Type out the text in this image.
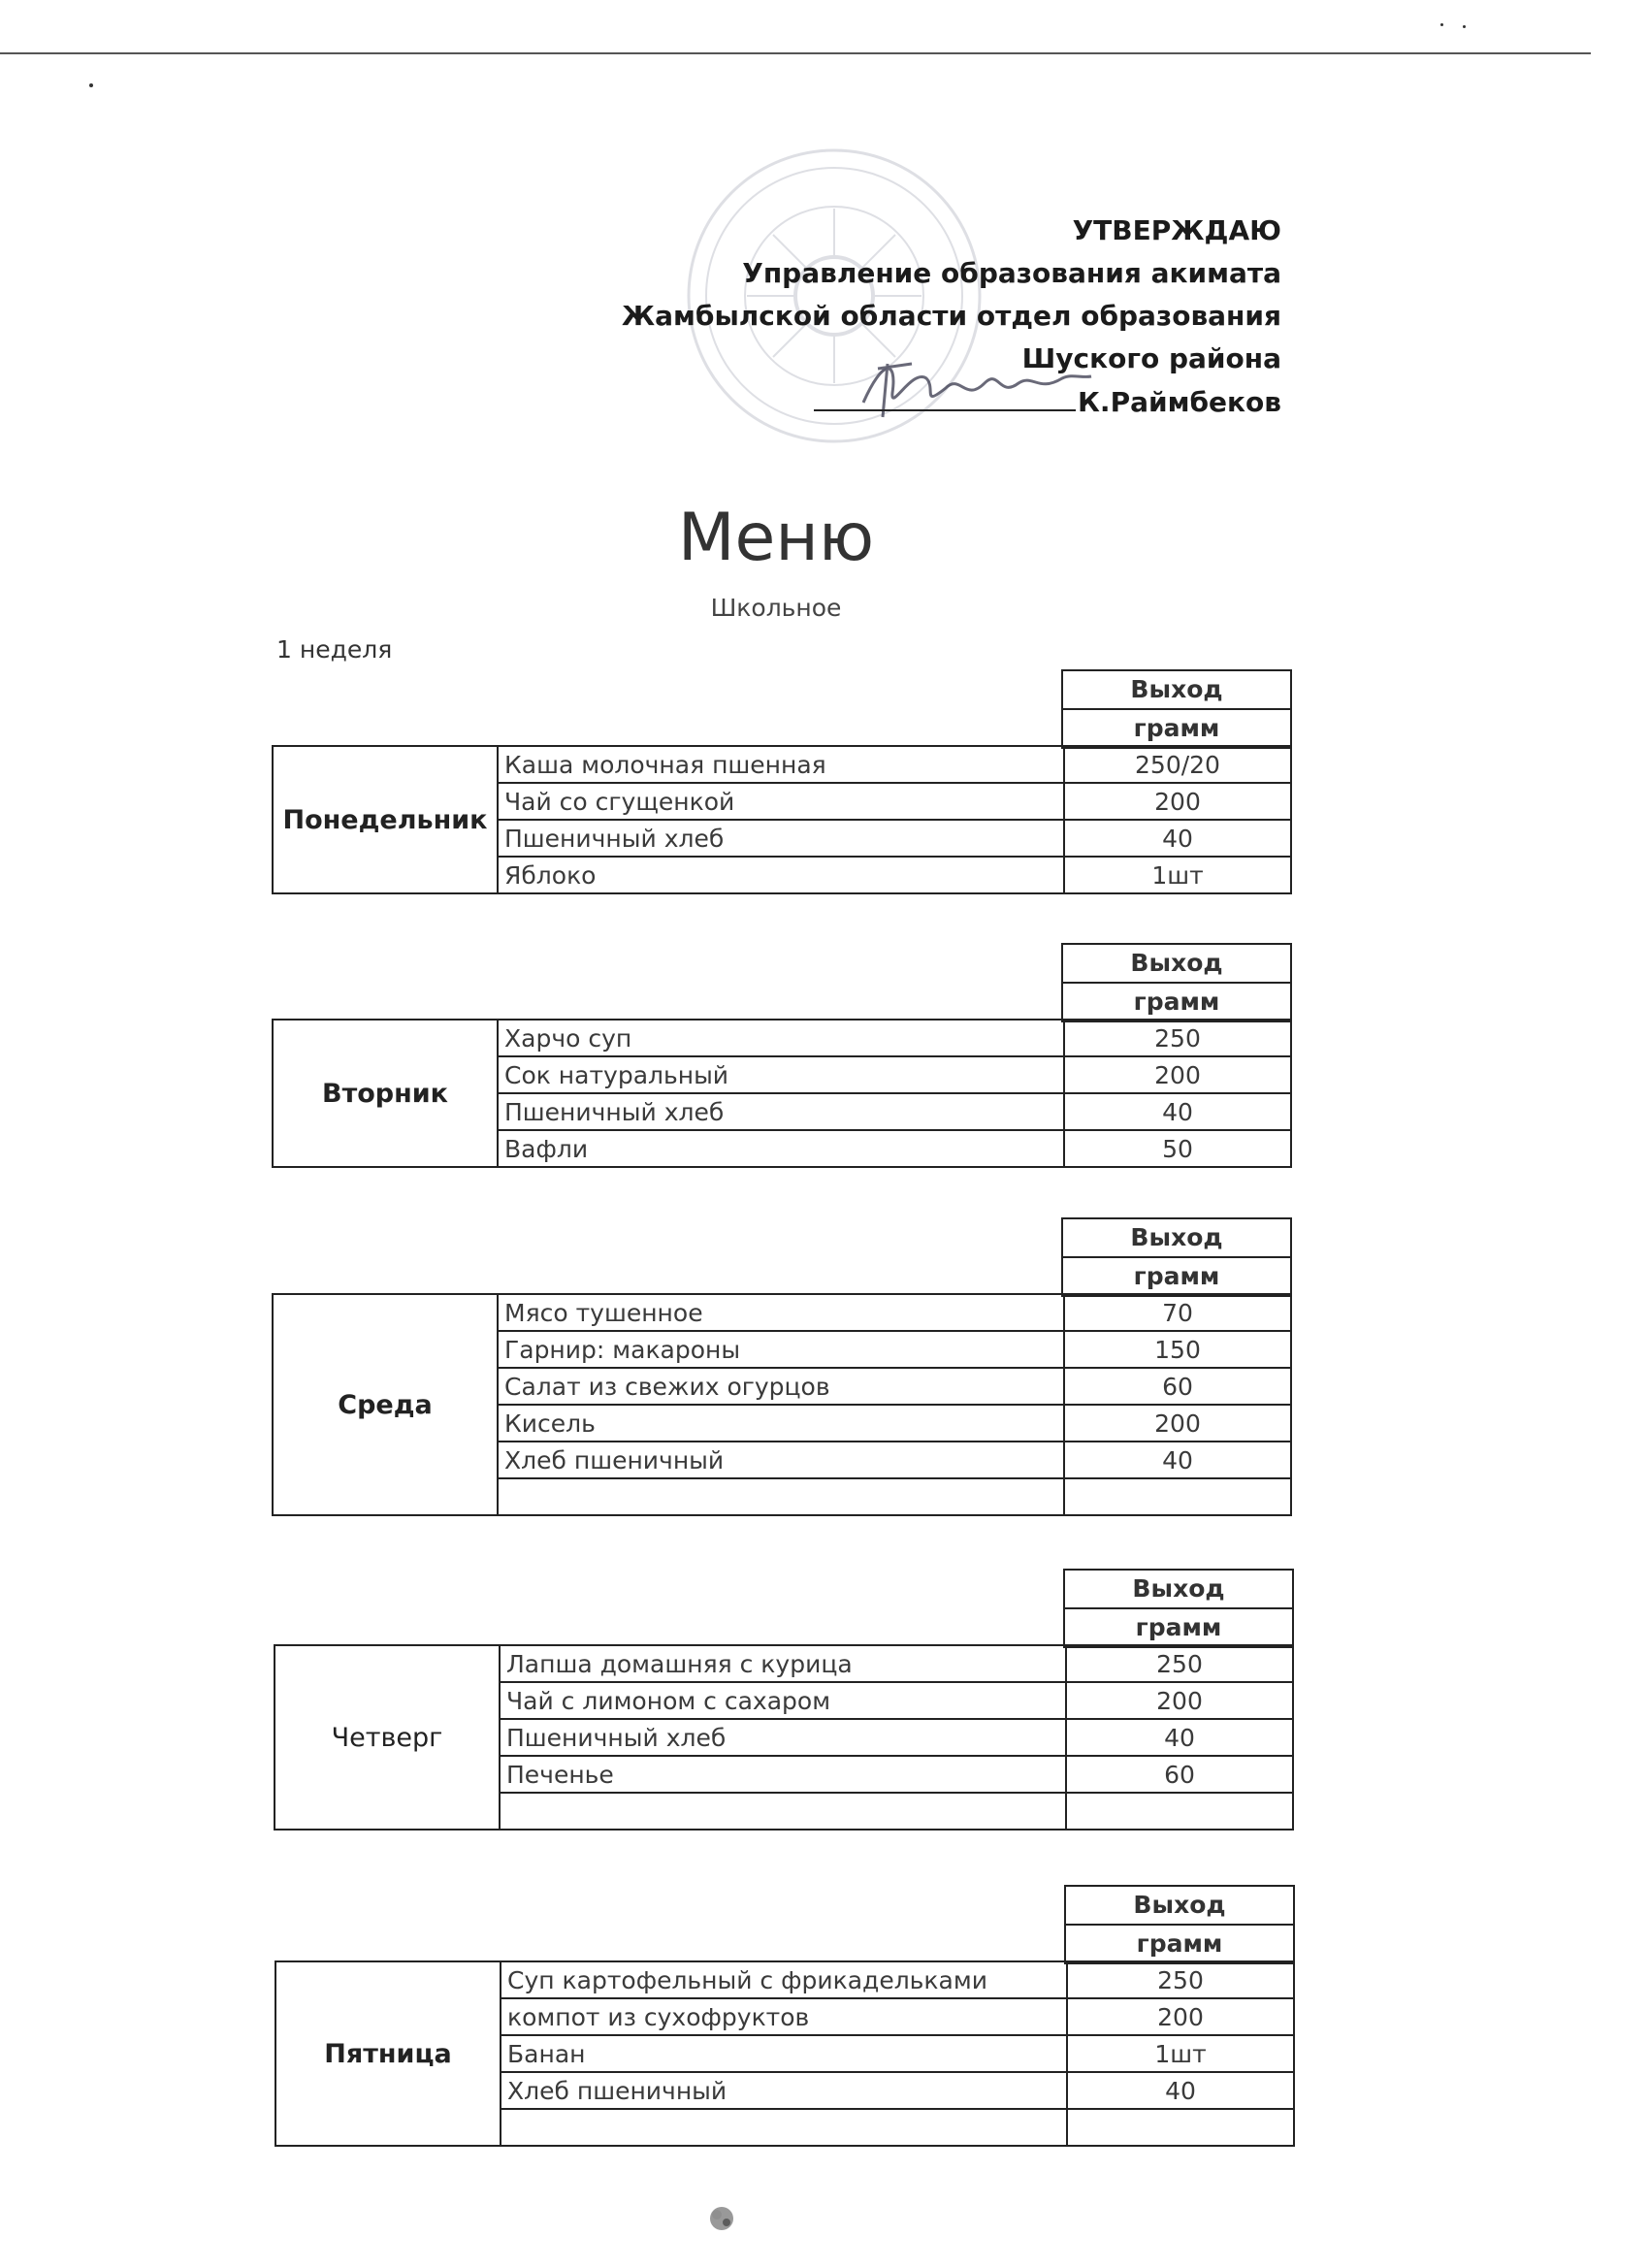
УТВЕРЖДАЮ
Управление образования акимата
Жамбылской области отдел образования
Шуского района
К.Раймбеков
Меню
Школьное
1 неделя
Выход
грамм
Понедельник	Каша молочная пшенная	250/20
	Чай со сгущенкой	200
	Пшеничный хлеб	40
	Яблоко	1шт
Выход
грамм
Вторник	Харчо суп	250
	Сок натуральный	200
	Пшеничный хлеб	40
	Вафли	50
Выход
грамм
Среда	Мясо тушенное	70
	Гарнир: макароны	150
	Салат из свежих огурцов	60
	Кисель	200
	Хлеб пшеничный	40

Выход
грамм
Четверг	Лапша домашняя с курица	250
	Чай с лимоном с сахаром	200
	Пшеничный хлеб	40
	Печенье	60

Выход
грамм
Пятница	Суп картофельный с фрикадельками	250
	компот из сухофруктов	200
	Банан	1шт
	Хлеб пшеничный	40
